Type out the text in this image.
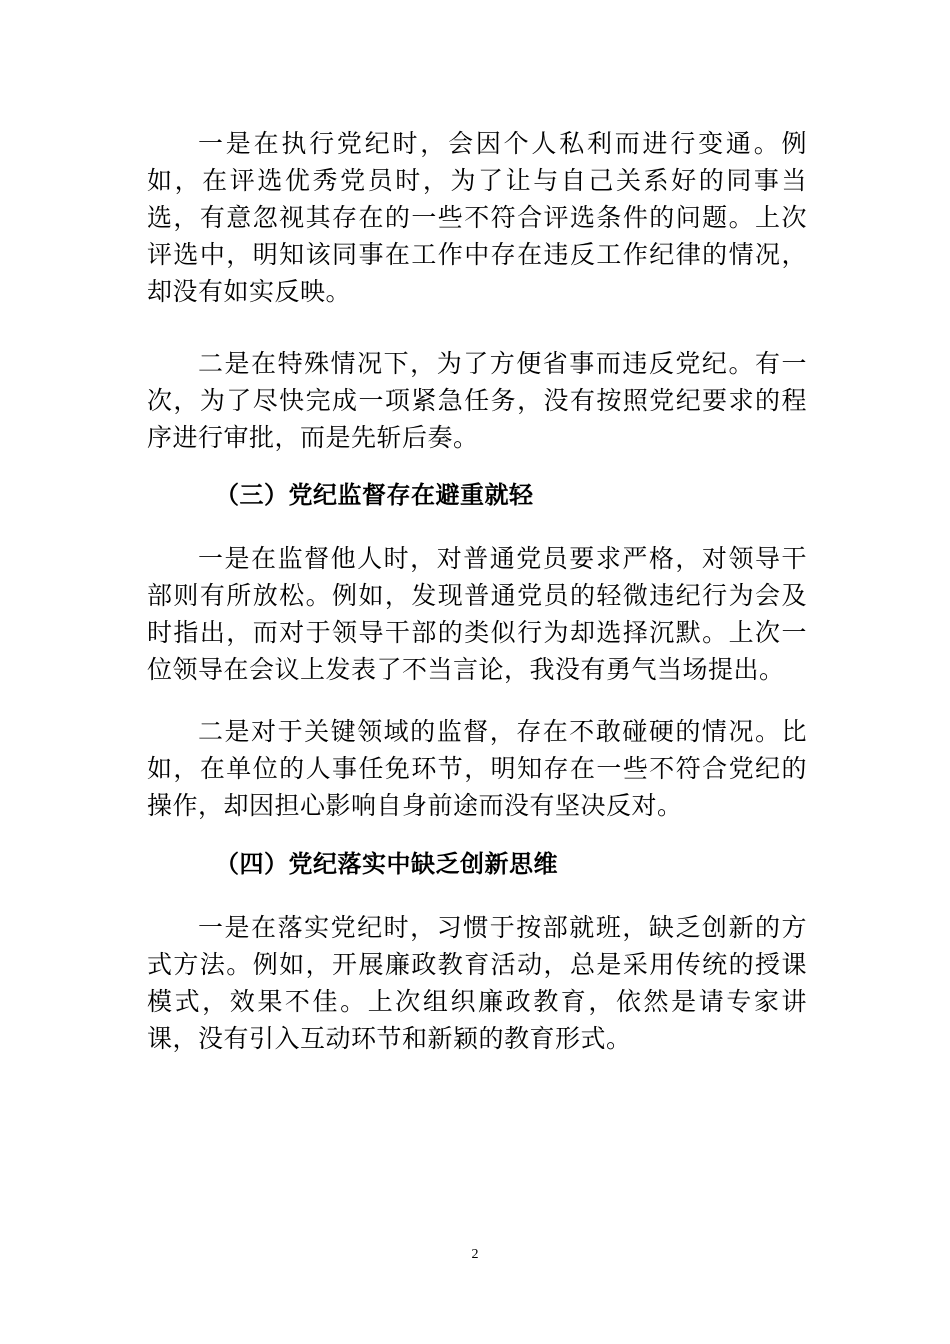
一是在执行党纪时，会因个人私利而进行变通。例如，在评选优秀党员时，为了让与自己关系好的同事当选，有意忽视其存在的一些不符合评选条件的问题。上次评选中，明知该同事在工作中存在违反工作纪律的情况，却没有如实反映。

二是在特殊情况下，为了方便省事而违反党纪。有一次，为了尽快完成一项紧急任务，没有按照党纪要求的程序进行审批，而是先斩后奏。

（三）党纪监督存在避重就轻

一是在监督他人时，对普通党员要求严格，对领导干部则有所放松。例如，发现普通党员的轻微违纪行为会及时指出，而对于领导干部的类似行为却选择沉默。上次一位领导在会议上发表了不当言论，我没有勇气当场提出。

二是对于关键领域的监督，存在不敢碰硬的情况。比如，在单位的人事任免环节，明知存在一些不符合党纪的操作，却因担心影响自身前途而没有坚决反对。

（四）党纪落实中缺乏创新思维

一是在落实党纪时，习惯于按部就班，缺乏创新的方式方法。例如，开展廉政教育活动，总是采用传统的授课模式，效果不佳。上次组织廉政教育，依然是请专家讲课，没有引入互动环节和新颖的教育形式。

2
